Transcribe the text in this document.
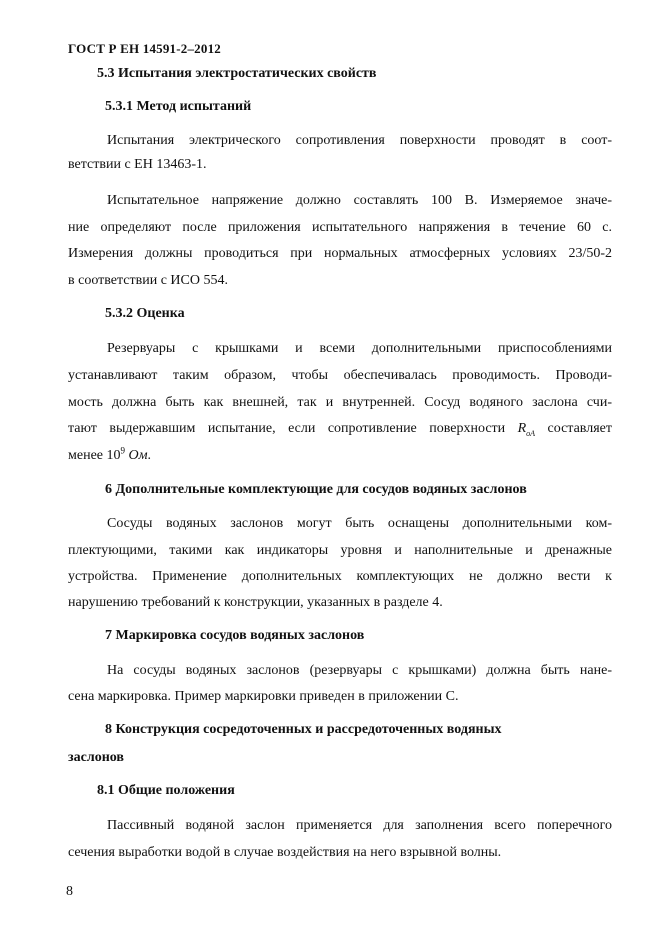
ГОСТ Р ЕН 14591-2–2012
5.3 Испытания электростатических свойств
5.3.1 Метод испытаний
Испытания электрического сопротивления поверхности проводят в соот-
ветствии с ЕН 13463-1.
Испытательное напряжение должно составлять 100 В. Измеряемое значе-
ние определяют после приложения испытательного напряжения в течение 60 с.
Измерения должны проводиться при нормальных атмосферных условиях 23/50-2
в соответствии с ИСО 554.
5.3.2 Оценка
Резервуары с крышками и всеми дополнительными приспособлениями
устанавливают таким образом, чтобы обеспечивалась проводимость. Проводи-
мость должна быть как внешней, так и внутренней. Сосуд водяного заслона счи-
тают выдержавшим испытание, если сопротивление поверхности $R_{оA}$ составляет
менее $10^9$ Ом.
6 Дополнительные комплектующие для сосудов водяных заслонов
Сосуды водяных заслонов могут быть оснащены дополнительными ком-
плектующими, такими как индикаторы уровня и наполнительные и дренажные
устройства. Применение дополнительных комплектующих не должно вести к
нарушению требований к конструкции, указанных в разделе 4.
7 Маркировка сосудов водяных заслонов
На сосуды водяных заслонов (резервуары с крышками) должна быть нане-
сена маркировка. Пример маркировки приведен в приложении С.
8 Конструкция сосредоточенных и рассредоточенных водяных
заслонов
8.1 Общие положения
Пассивный водяной заслон применяется для заполнения всего поперечного
сечения выработки водой в случае воздействия на него взрывной волны.
8
